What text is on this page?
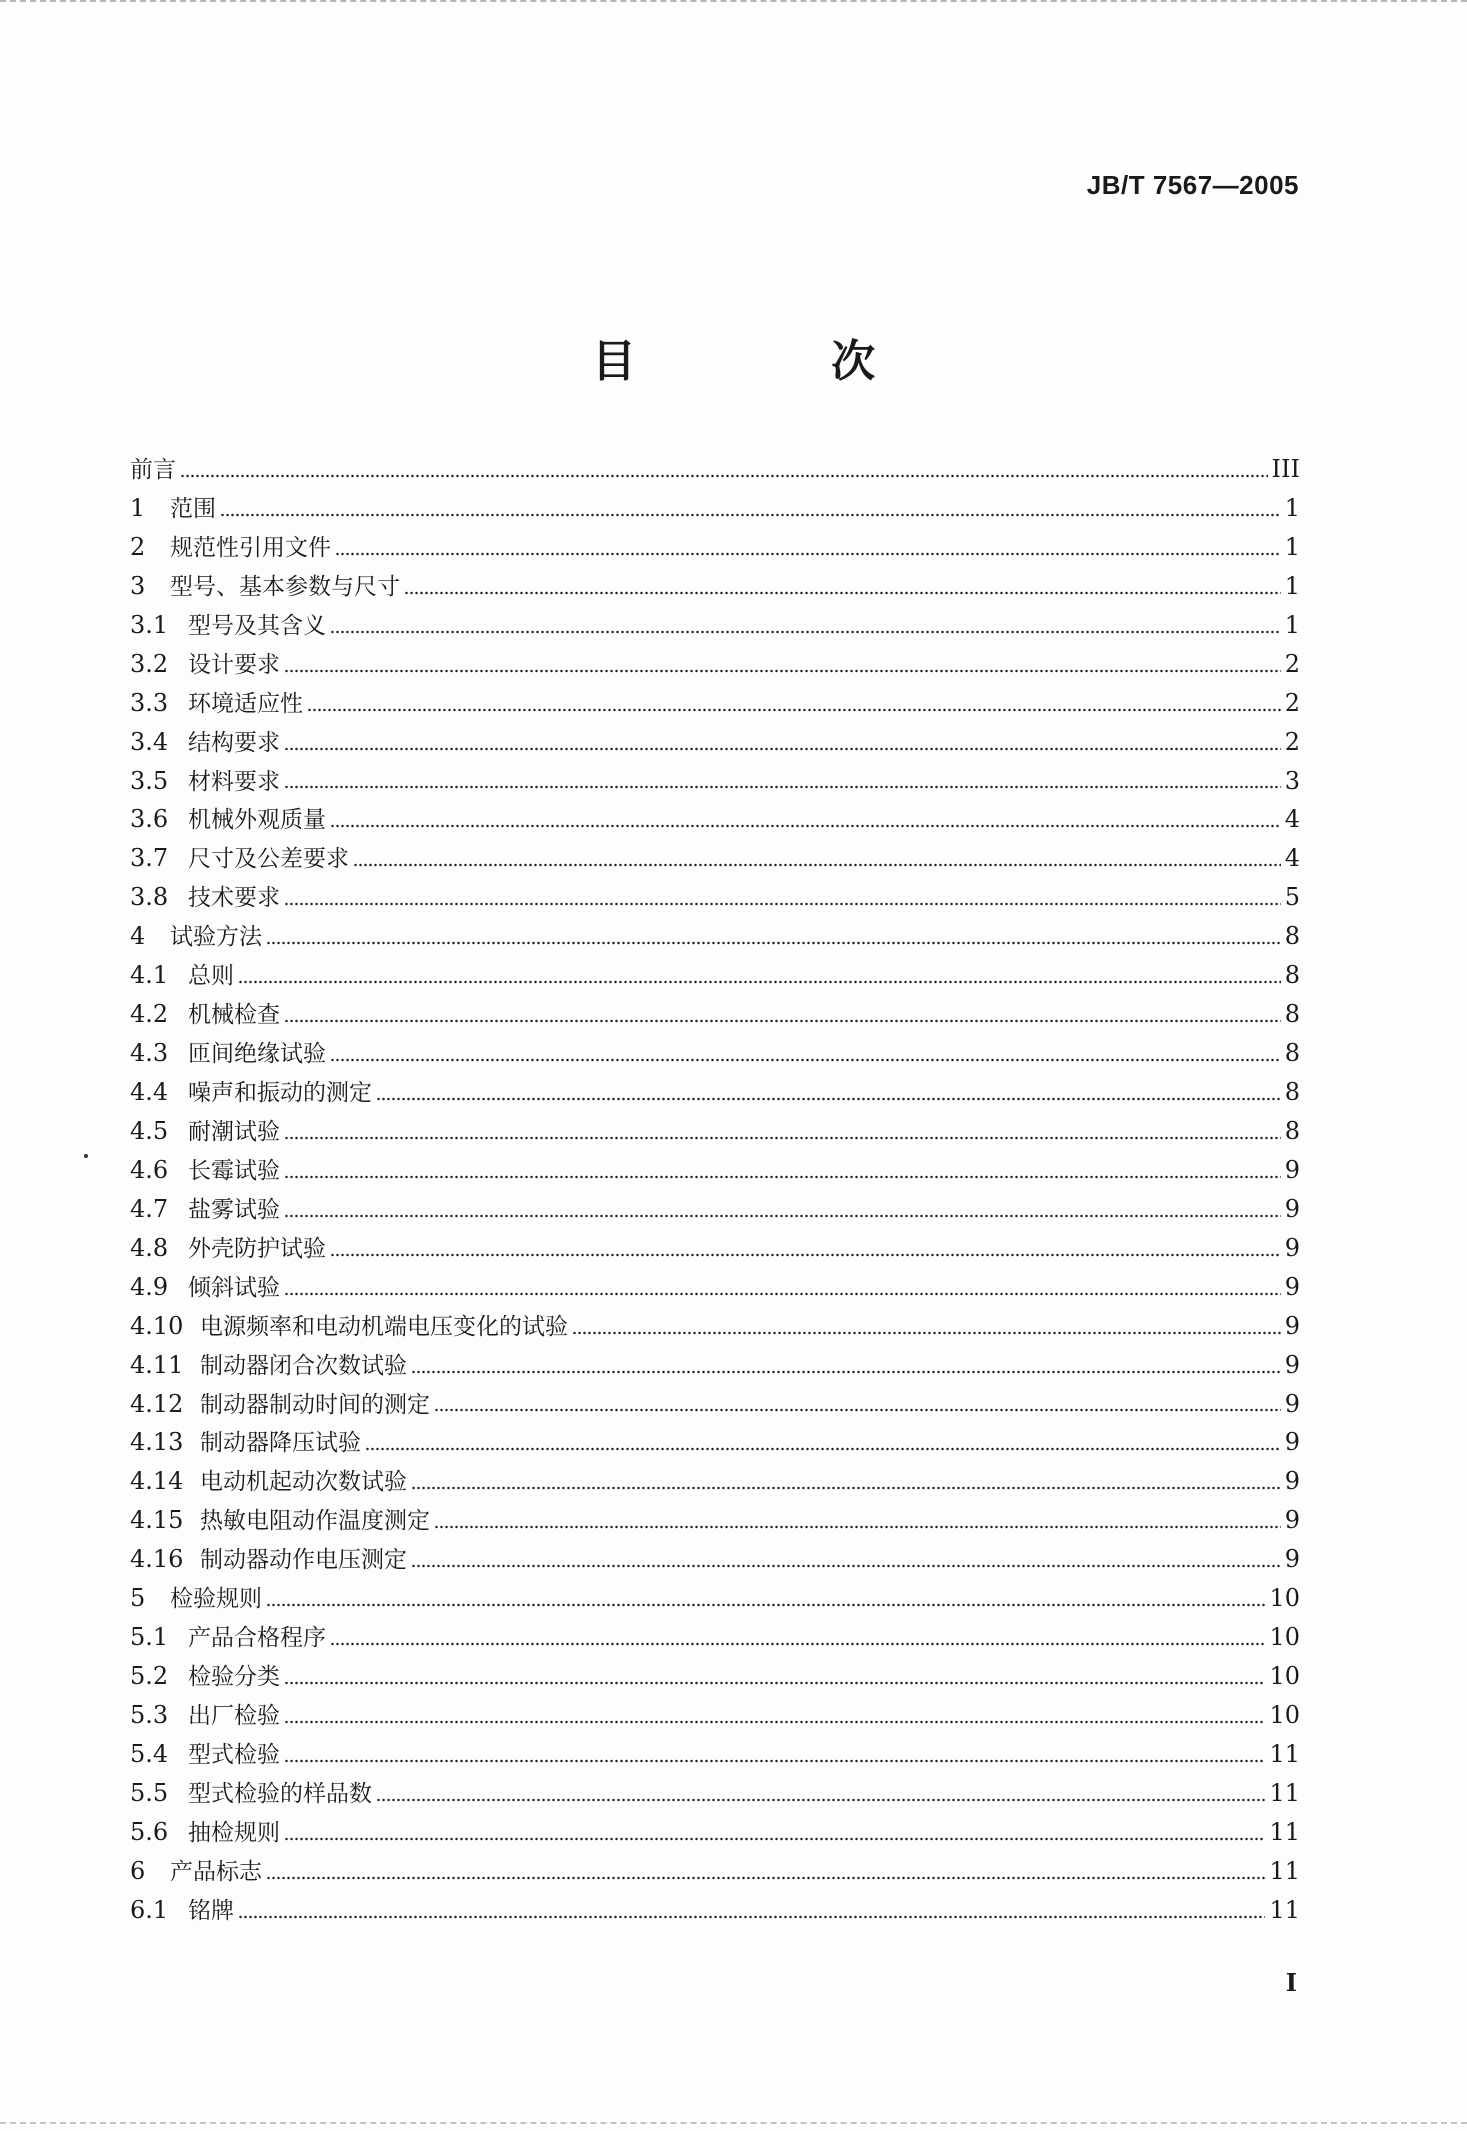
JB/T 7567—2005
目 次
前言	III
1	范围	1
2	规范性引用文件	1
3	型号、基本参数与尺寸	1
3.1 型号及其含义	1
3.2 设计要求	2
3.3 环境适应性	2
3.4 结构要求	2
3.5 材料要求	3
3.6 机械外观质量	4
3.7 尺寸及公差要求	4
3.8 技术要求	5
4	试验方法	8
4.1 总则	8
4.2 机械检查	8
4.3 匝间绝缘试验	8
4.4 噪声和振动的测定	8
4.5 耐潮试验	8
4.6 长霉试验	9
4.7 盐雾试验	9
4.8 外壳防护试验	9
4.9 倾斜试验	9
4.10 电源频率和电动机端电压变化的试验	9
4.11 制动器闭合次数试验	9
4.12 制动器制动时间的测定	9
4.13 制动器降压试验	9
4.14 电动机起动次数试验	9
4.15 热敏电阻动作温度测定	9
4.16 制动器动作电压测定	9
5	检验规则	10
5.1 产品合格程序	10
5.2 检验分类	10
5.3 出厂检验	10
5.4 型式检验	11
5.5 型式检验的样品数	11
5.6 抽检规则	11
6	产品标志	11
6.1 铭牌	11
I
